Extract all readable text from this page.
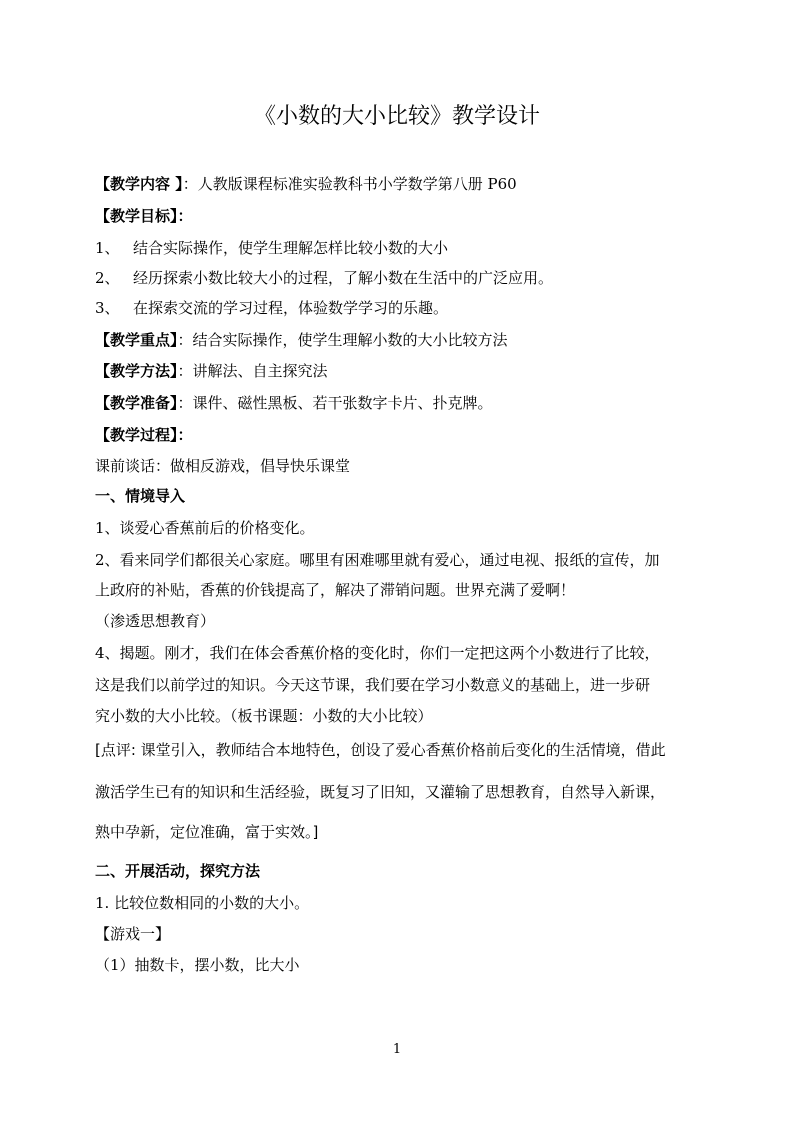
《小数的大小比较》教学设计
【教学内容 】：人教版课程标准实验教科书小学数学第八册 P60
【教学目标】：
1、 结合实际操作，使学生理解怎样比较小数的大小
2、 经历探索小数比较大小的过程，了解小数在生活中的广泛应用。
3、 在探索交流的学习过程，体验数学学习的乐趣。
【教学重点】：结合实际操作，使学生理解小数的大小比较方法
【教学方法】：讲解法、自主探究法
【教学准备】：课件、磁性黑板、若干张数字卡片、扑克牌。
【教学过程】：
课前谈话：做相反游戏，倡导快乐课堂
一、情境导入
1、谈爱心香蕉前后的价格变化。
2、看来同学们都很关心家庭。哪里有困难哪里就有爱心，通过电视、报纸的宣传，加
上政府的补贴，香蕉的价钱提高了，解决了滞销问题。世界充满了爱啊！
（渗透思想教育）
4、揭题。刚才，我们在体会香蕉价格的变化时，你们一定把这两个小数进行了比较，
这是我们以前学过的知识。今天这节课，我们要在学习小数意义的基础上，进一步研
究小数的大小比较。（板书课题：小数的大小比较）
[点评: 课堂引入，教师结合本地特色，创设了爱心香蕉价格前后变化的生活情境，借此
激活学生已有的知识和生活经验，既复习了旧知，又灌输了思想教育，自然导入新课，
熟中孕新，定位准确，富于实效。]
二、开展活动，探究方法
1. 比较位数相同的小数的大小。
【游戏一】
（1）抽数卡，摆小数，比大小
1
